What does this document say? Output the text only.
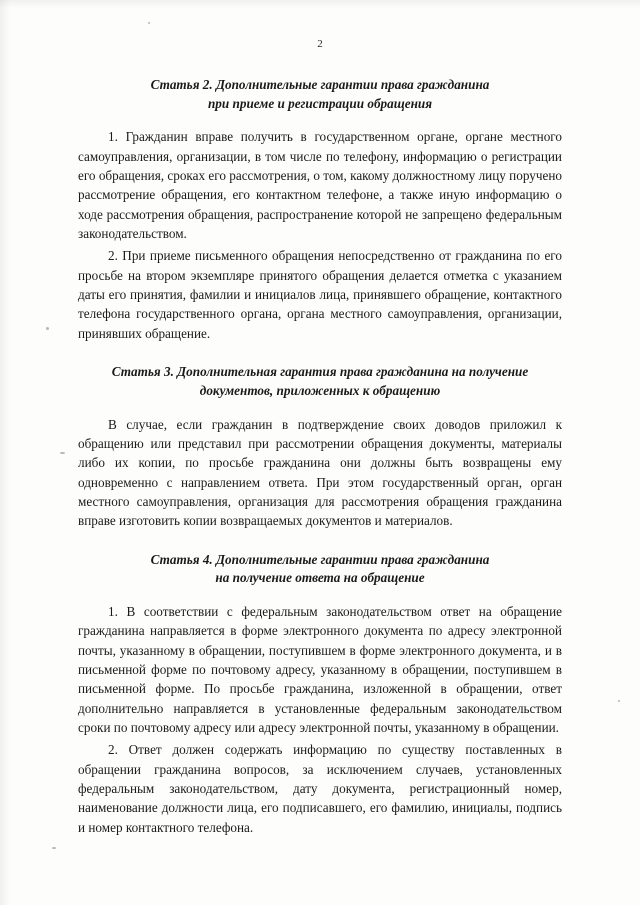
2
Статья 2. Дополнительные гарантии права гражданина
при приеме и регистрации обращения

1. Гражданин вправе получить в государственном органе, органе местного самоуправления, организации, в том числе по телефону, информацию о регистрации его обращения, сроках его рассмотрения, о том, какому должностному лицу поручено рассмотрение обращения, его контактном телефоне, а также иную информацию о ходе рассмотрения обращения, распространение которой не запрещено федеральным законодательством.

2. При приеме письменного обращения непосредственно от гражданина по его просьбе на втором экземпляре принятого обращения делается отметка с указанием даты его принятия, фамилии и инициалов лица, принявшего обращение, контактного телефона государственного органа, органа местного самоуправления, организации, принявших обращение.

Статья 3. Дополнительная гарантия права гражданина на получение
документов, приложенных к обращению

В случае, если гражданин в подтверждение своих доводов приложил к обращению или представил при рассмотрении обращения документы, материалы либо их копии, по просьбе гражданина они должны быть возвращены ему одновременно с направлением ответа. При этом государственный орган, орган местного самоуправления, организация для рассмотрения обращения гражданина вправе изготовить копии возвращаемых документов и материалов.

Статья 4. Дополнительные гарантии права гражданина
на получение ответа на обращение

1. В соответствии с федеральным законодательством ответ на обращение гражданина направляется в форме электронного документа по адресу электронной почты, указанному в обращении, поступившем в форме электронного документа, и в письменной форме по почтовому адресу, указанному в обращении, поступившем в письменной форме. По просьбе гражданина, изложенной в обращении, ответ дополнительно направляется в установленные федеральным законодательством сроки по почтовому адресу или адресу электронной почты, указанному в обращении.

2. Ответ должен содержать информацию по существу поставленных в обращении гражданина вопросов, за исключением случаев, установленных федеральным законодательством, дату документа, регистрационный номер, наименование должности лица, его подписавшего, его фамилию, инициалы, подпись и номер контактного телефона.
